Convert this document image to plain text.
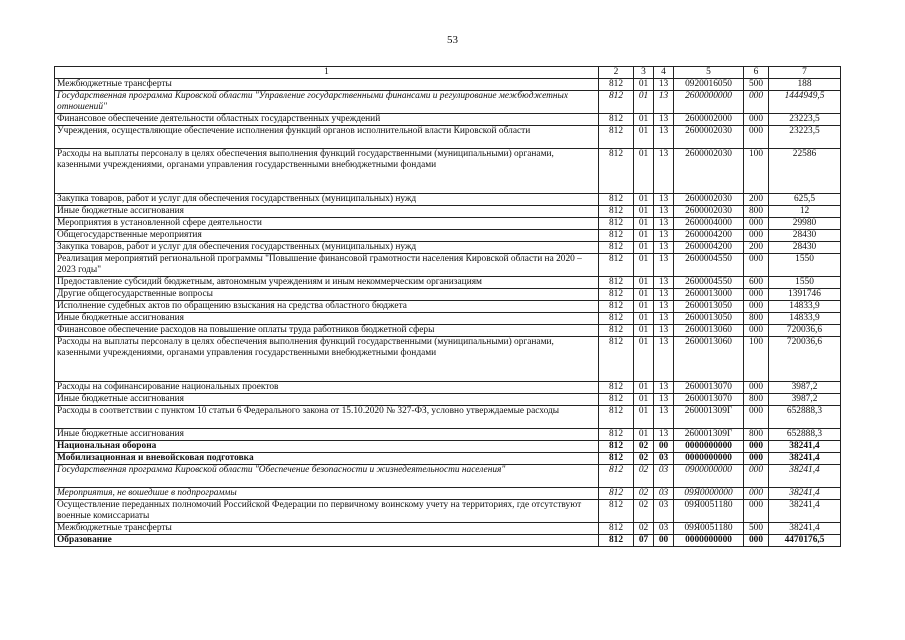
53
1	2	3	4	5	6	7
Межбюджетные трансферты	812	01	13	0920016050	500	188
Государственная программа Кировской области "Управление государственными финансами и регулирование межбюджетных отношений"	812	01	13	2600000000	000	1444949,5
Финансовое обеспечение деятельности областных государственных учреждений	812	01	13	2600002000	000	23223,5
Учреждения, осуществляющие обеспечение исполнения функций органов исполнительной власти Кировской области	812	01	13	2600002030	000	23223,5
Расходы на выплаты персоналу в целях обеспечения выполнения функций государственными (муниципальными) органами, казенными учреждениями, органами управления государственными внебюджетными фондами	812	01	13	2600002030	100	22586
Закупка товаров, работ и услуг для обеспечения государственных (муниципальных) нужд	812	01	13	2600002030	200	625,5
Иные бюджетные ассигнования	812	01	13	2600002030	800	12
Мероприятия в установленной сфере деятельности	812	01	13	2600004000	000	29980
Общегосударственные мероприятия	812	01	13	2600004200	000	28430
Закупка товаров, работ и услуг для обеспечения государственных (муниципальных) нужд	812	01	13	2600004200	200	28430
Реализация мероприятий региональной программы "Повышение финансовой грамотности населения Кировской области на 2020 – 2023 годы"	812	01	13	2600004550	000	1550
Предоставление субсидий бюджетным, автономным учреждениям и иным некоммерческим организациям	812	01	13	2600004550	600	1550
Другие общегосударственные вопросы	812	01	13	2600013000	000	1391746
Исполнение судебных актов по обращению взыскания на средства областного бюджета	812	01	13	2600013050	000	14833,9
Иные бюджетные ассигнования	812	01	13	2600013050	800	14833,9
Финансовое обеспечение расходов на повышение оплаты труда работников бюджетной сферы	812	01	13	2600013060	000	720036,6
Расходы на выплаты персоналу в целях обеспечения выполнения функций государственными (муниципальными) органами, казенными учреждениями, органами управления государственными внебюджетными фондами	812	01	13	2600013060	100	720036,6
Расходы на софинансирование национальных проектов	812	01	13	2600013070	000	3987,2
Иные бюджетные ассигнования	812	01	13	2600013070	800	3987,2
Расходы в соответствии с пунктом 10 статьи 6 Федерального закона от 15.10.2020 № 327-ФЗ, условно утверждаемые расходы	812	01	13	260001309Г	000	652888,3
Иные бюджетные ассигнования	812	01	13	260001309Г	800	652888,3
Национальная оборона	812	02	00	0000000000	000	38241,4
Мобилизационная и вневойсковая подготовка	812	02	03	0000000000	000	38241,4
Государственная программа Кировской области "Обеспечение безопасности и жизнедеятельности населения"	812	02	03	0900000000	000	38241,4
Мероприятия, не вошедшие в подпрограммы	812	02	03	09Я0000000	000	38241,4
Осуществление переданных полномочий Российской Федерации по первичному воинскому учету на территориях, где отсутствуют военные комиссариаты	812	02	03	09Я0051180	000	38241,4
Межбюджетные трансферты	812	02	03	09Я0051180	500	38241,4
Образование	812	07	00	0000000000	000	4470176,5
